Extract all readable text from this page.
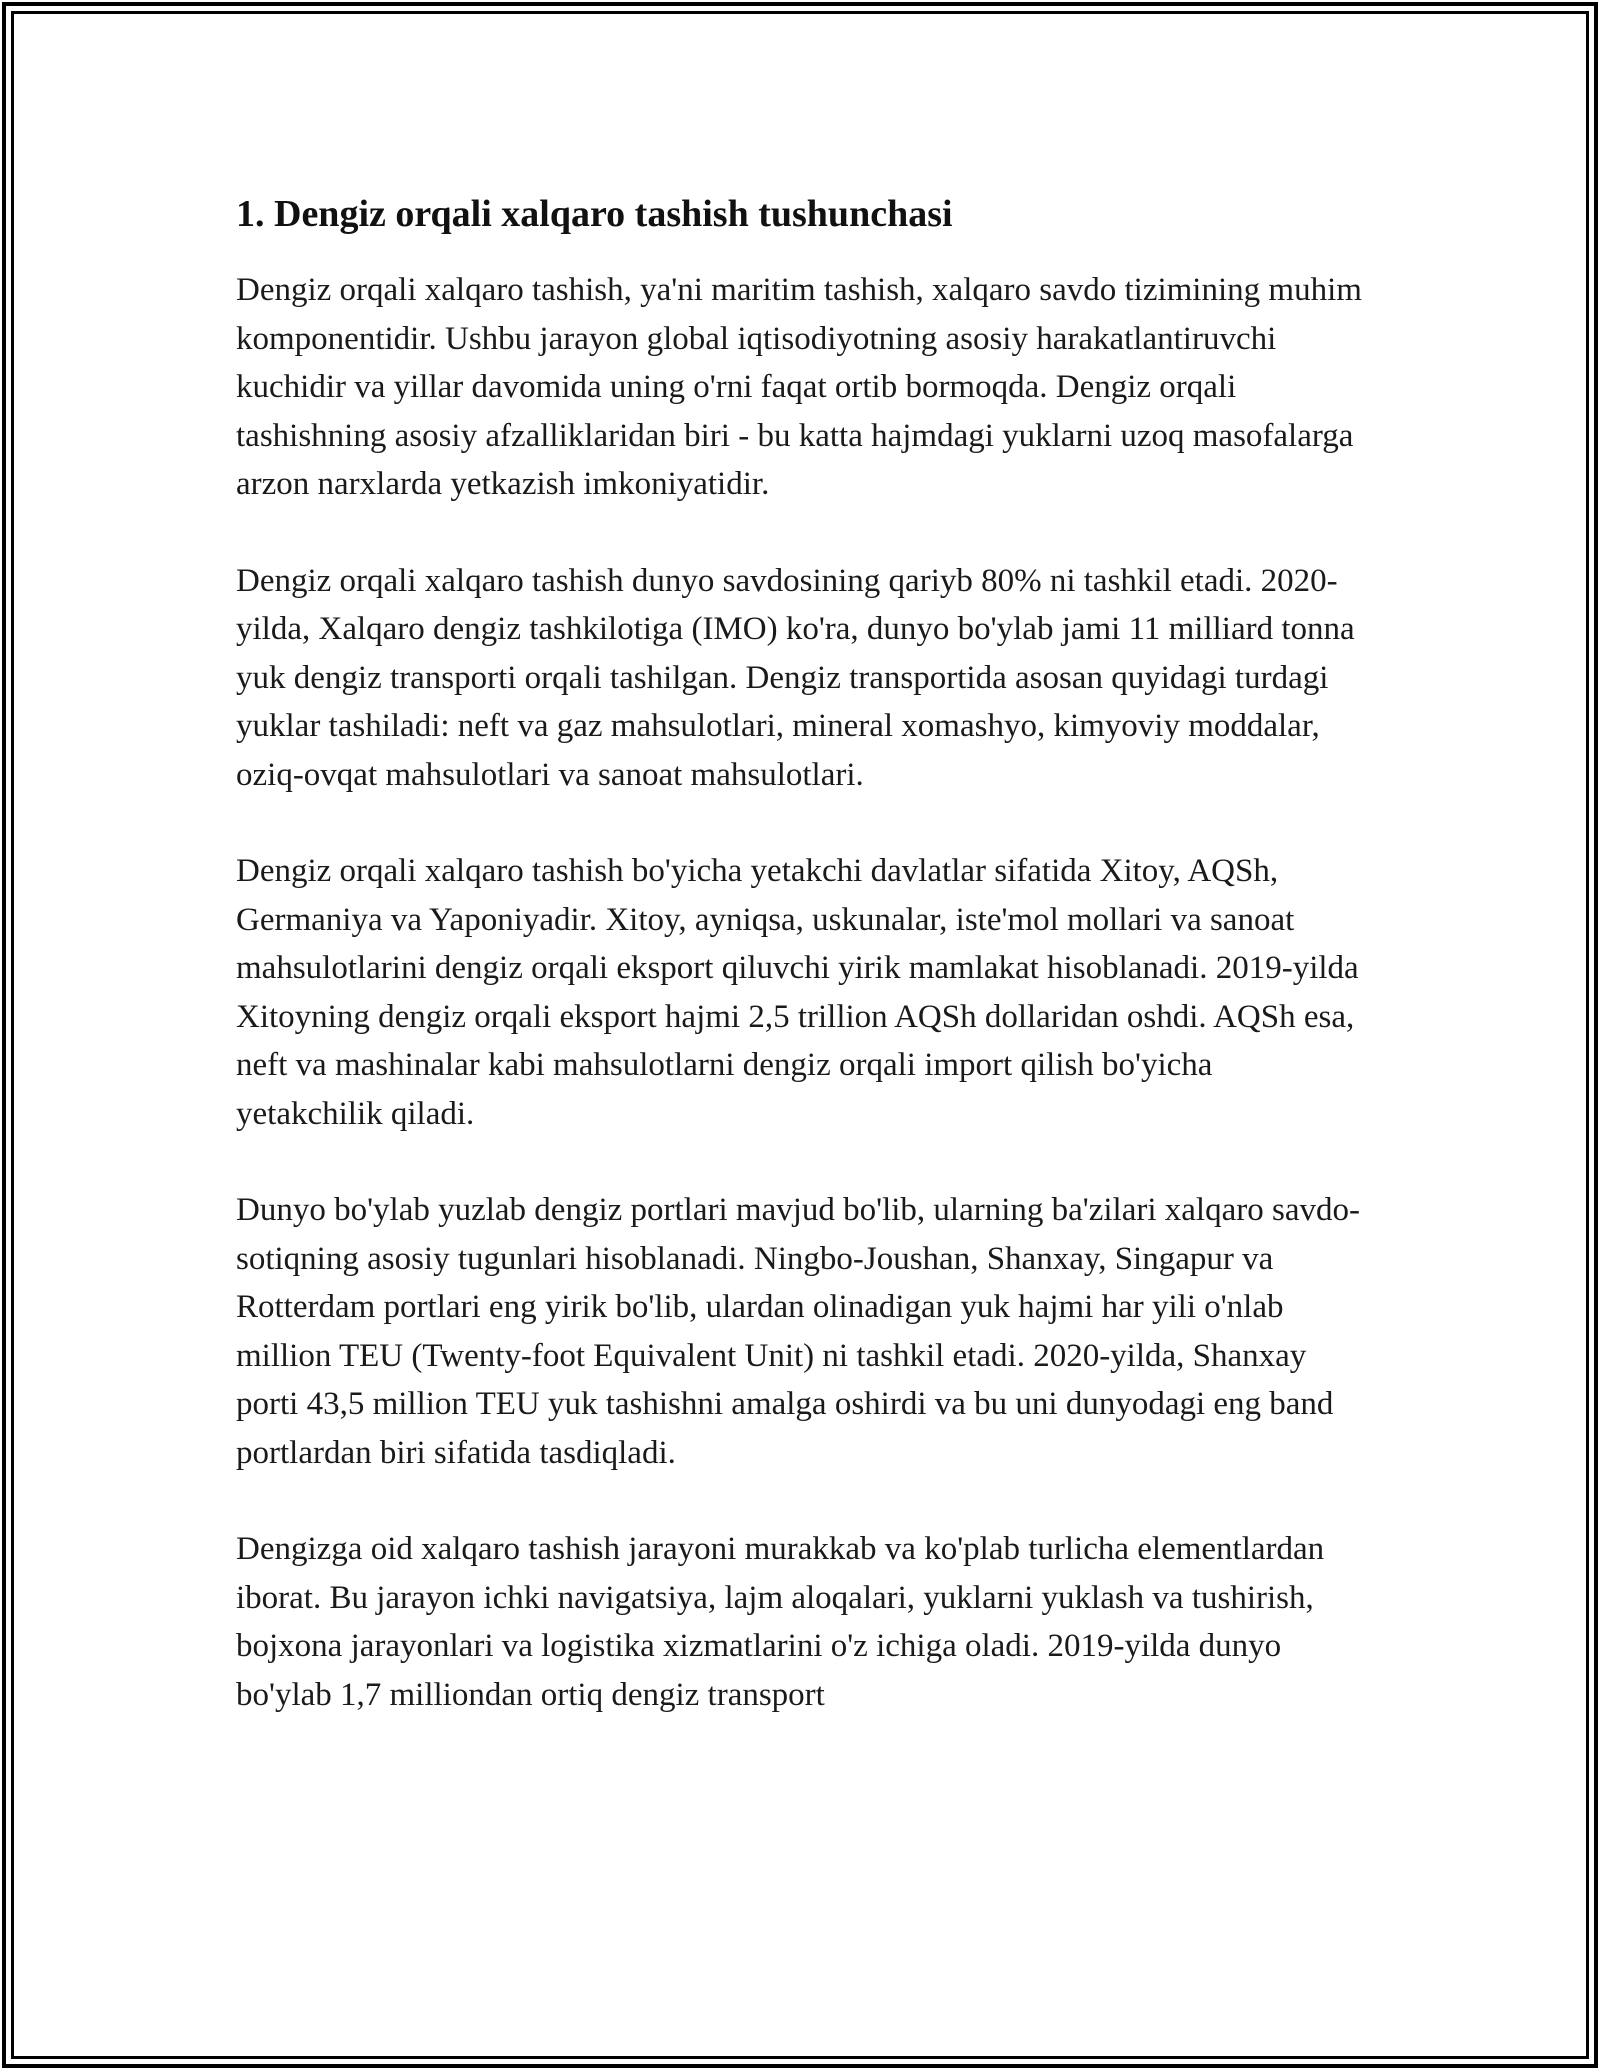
1. Dengiz orqali xalqaro tashish tushunchasi

Dengiz orqali xalqaro tashish, ya'ni maritim tashish, xalqaro savdo tizimining muhim komponentidir. Ushbu jarayon global iqtisodiyotning asosiy harakatlantiruvchi kuchidir va yillar davomida uning o'rni faqat ortib bormoqda. Dengiz orqali tashishning asosiy afzalliklaridan biri - bu katta hajmdagi yuklarni uzoq masofalarga arzon narxlarda yetkazish imkoniyatidir.

Dengiz orqali xalqaro tashish dunyo savdosining qariyb 80% ni tashkil etadi. 2020-yilda, Xalqaro dengiz tashkilotiga (IMO) ko'ra, dunyo bo'ylab jami 11 milliard tonna yuk dengiz transporti orqali tashilgan. Dengiz transportida asosan quyidagi turdagi yuklar tashiladi: neft va gaz mahsulotlari, mineral xomashyo, kimyoviy moddalar, oziq-ovqat mahsulotlari va sanoat mahsulotlari.

Dengiz orqali xalqaro tashish bo'yicha yetakchi davlatlar sifatida Xitoy, AQSh, Germaniya va Yaponiyadir. Xitoy, ayniqsa, uskunalar, iste'mol mollari va sanoat mahsulotlarini dengiz orqali eksport qiluvchi yirik mamlakat hisoblanadi. 2019-yilda Xitoyning dengiz orqali eksport hajmi 2,5 trillion AQSh dollaridan oshdi. AQSh esa, neft va mashinalar kabi mahsulotlarni dengiz orqali import qilish bo'yicha yetakchilik qiladi.

Dunyo bo'ylab yuzlab dengiz portlari mavjud bo'lib, ularning ba'zilari xalqaro savdo-sotiqning asosiy tugunlari hisoblanadi. Ningbo-Joushan, Shanxay, Singapur va Rotterdam portlari eng yirik bo'lib, ulardan olinadigan yuk hajmi har yili o'nlab million TEU (Twenty-foot Equivalent Unit) ni tashkil etadi. 2020-yilda, Shanxay porti 43,5 million TEU yuk tashishni amalga oshirdi va bu uni dunyodagi eng band portlardan biri sifatida tasdiqladi.

Dengizga oid xalqaro tashish jarayoni murakkab va ko'plab turlicha elementlardan iborat. Bu jarayon ichki navigatsiya, lajm aloqalari, yuklarni yuklash va tushirish, bojxona jarayonlari va logistika xizmatlarini o'z ichiga oladi. 2019-yilda dunyo bo'ylab 1,7 milliondan ortiq dengiz transport
